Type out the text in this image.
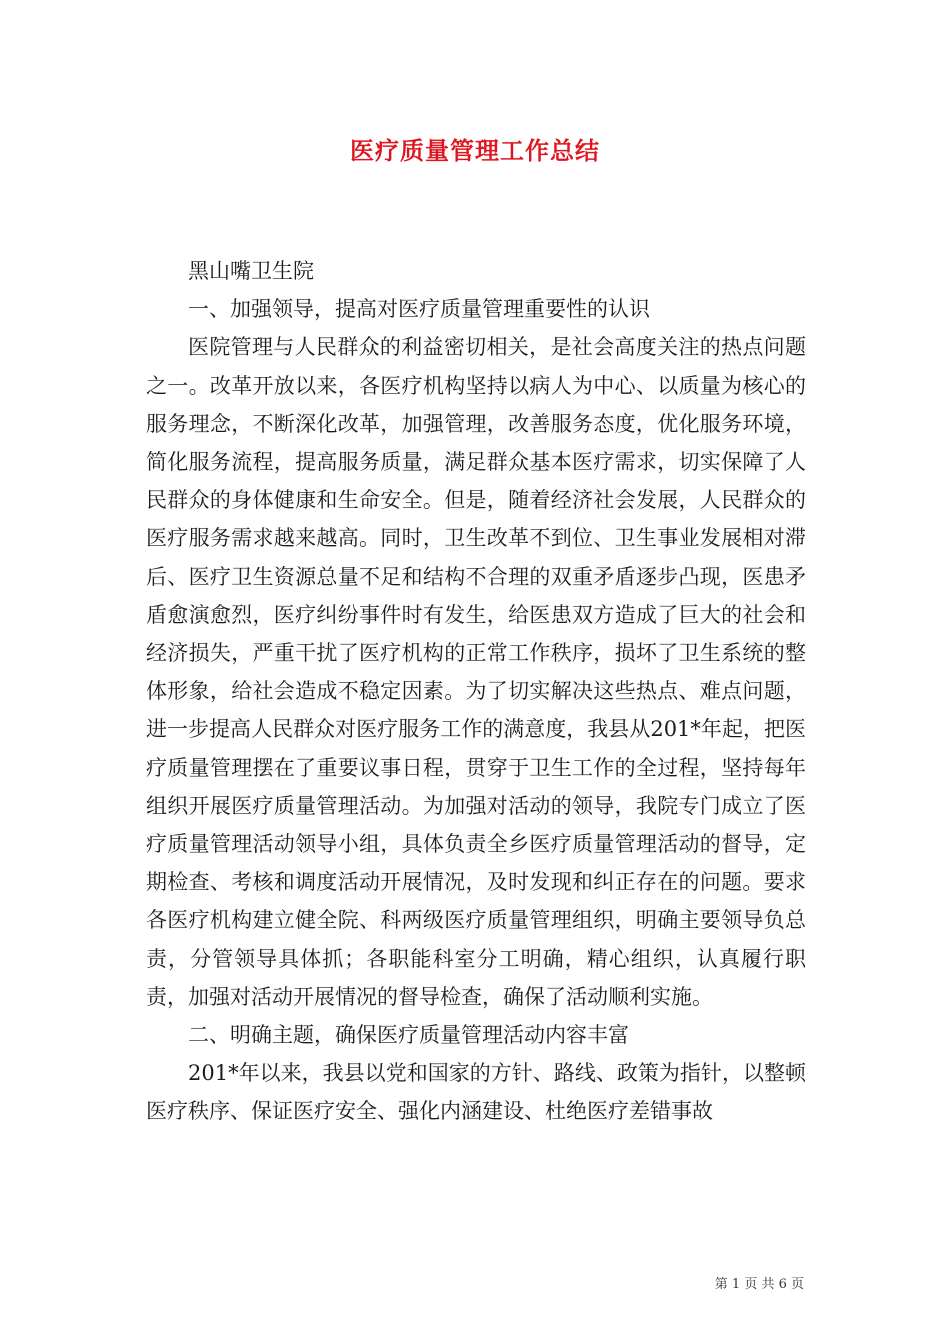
医疗质量管理工作总结

黑山嘴卫生院

一、加强领导，提高对医疗质量管理重要性的认识

医院管理与人民群众的利益密切相关，是社会高度关注的热点问题之一。改革开放以来，各医疗机构坚持以病人为中心、以质量为核心的服务理念，不断深化改革，加强管理，改善服务态度，优化服务环境，简化服务流程，提高服务质量，满足群众基本医疗需求，切实保障了人民群众的身体健康和生命安全。但是，随着经济社会发展，人民群众的医疗服务需求越来越高。同时，卫生改革不到位、卫生事业发展相对滞后、医疗卫生资源总量不足和结构不合理的双重矛盾逐步凸现，医患矛盾愈演愈烈，医疗纠纷事件时有发生，给医患双方造成了巨大的社会和经济损失，严重干扰了医疗机构的正常工作秩序，损坏了卫生系统的整体形象，给社会造成不稳定因素。为了切实解决这些热点、难点问题，进一步提高人民群众对医疗服务工作的满意度，我县从201*年起，把医疗质量管理摆在了重要议事日程，贯穿于卫生工作的全过程，坚持每年组织开展医疗质量管理活动。为加强对活动的领导，我院专门成立了医疗质量管理活动领导小组，具体负责全乡医疗质量管理活动的督导，定期检查、考核和调度活动开展情况，及时发现和纠正存在的问题。要求各医疗机构建立健全院、科两级医疗质量管理组织，明确主要领导负总责，分管领导具体抓；各职能科室分工明确，精心组织，认真履行职责，加强对活动开展情况的督导检查，确保了活动顺利实施。

二、明确主题，确保医疗质量管理活动内容丰富

201*年以来，我县以党和国家的方针、路线、政策为指针，以整顿医疗秩序、保证医疗安全、强化内涵建设、杜绝医疗差错事故

第 1 页 共 6 页
